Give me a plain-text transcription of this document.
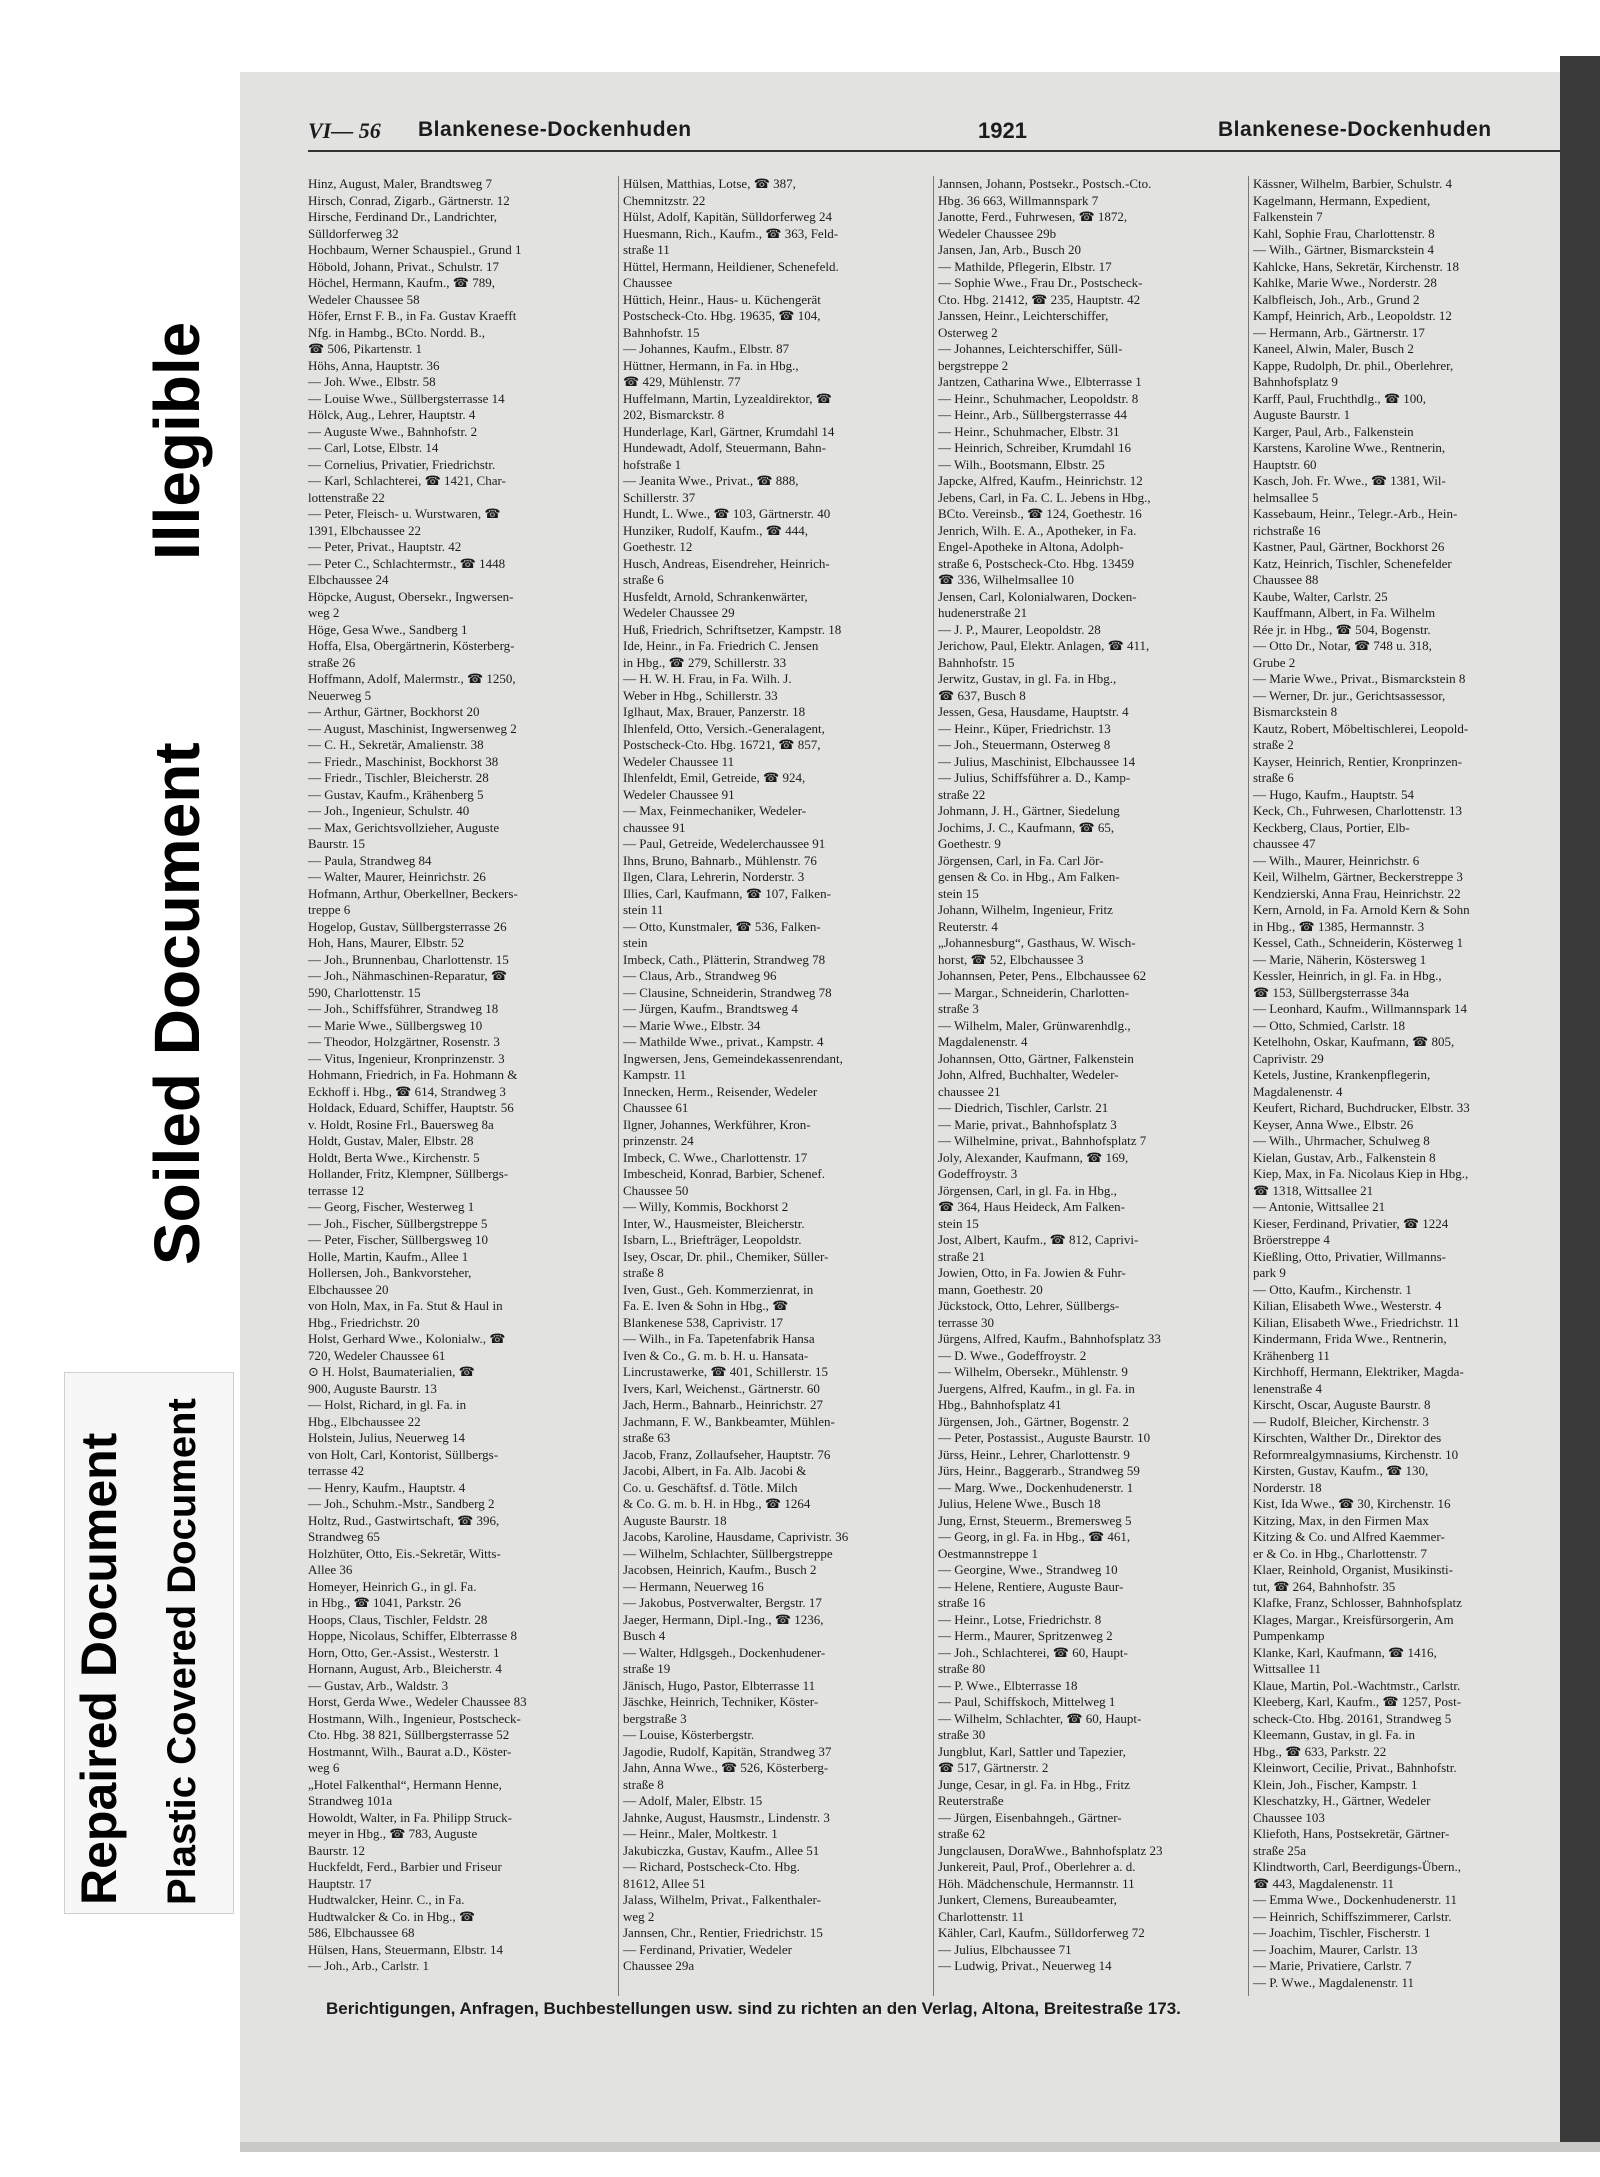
Illegible
Soiled Document
Repaired Document Plastic Covered Document
VI— 56 Blankenese-Dockenhuden	1921	Blankenese-Dockenhuden
Hinz, August, Maler, Brandtsweg 7
Hirsch, Conrad, Zigarb., Gärtnerstr. 12
Hirsche, Ferdinand Dr., Landrichter,
Sülldorferweg 32
Hochbaum, Werner Schauspiel., Grund 1
Höbold, Johann, Privat., Schulstr. 17
Höchel, Hermann, Kaufm., ☎ 789,
Wedeler Chaussee 58
Höfer, Ernst F. B., in Fa. Gustav Kraefft
Nfg. in Hambg., BCto. Nordd. B.,
☎ 506, Pikartenstr. 1
Höhs, Anna, Hauptstr. 36
— Joh. Wwe., Elbstr. 58
— Louise Wwe., Süllbergsterrasse 14
Hölck, Aug., Lehrer, Hauptstr. 4
— Auguste Wwe., Bahnhofstr. 2
— Carl, Lotse, Elbstr. 14
— Cornelius, Privatier, Friedrichstr.
— Karl, Schlachterei, ☎ 1421, Char-
lottenstraße 22
— Peter, Fleisch- u. Wurstwaren, ☎
1391, Elbchaussee 22
— Peter, Privat., Hauptstr. 42
— Peter C., Schlachtermstr., ☎ 1448
Elbchaussee 24
Höpcke, August, Obersekr., Ingwersen-
weg 2
Höge, Gesa Wwe., Sandberg 1
Hoffa, Elsa, Obergärtnerin, Kösterberg-
straße 26
Hoffmann, Adolf, Malermstr., ☎ 1250,
Neuerweg 5
— Arthur, Gärtner, Bockhorst 20
— August, Maschinist, Ingwersenweg 2
— C. H., Sekretär, Amalienstr. 38
— Friedr., Maschinist, Bockhorst 38
— Friedr., Tischler, Bleicherstr. 28
— Gustav, Kaufm., Krähenberg 5
— Joh., Ingenieur, Schulstr. 40
— Max, Gerichtsvollzieher, Auguste
Baurstr. 15
— Paula, Strandweg 84
— Walter, Maurer, Heinrichstr. 26
Hofmann, Arthur, Oberkellner, Beckers-
treppe 6
Hogelop, Gustav, Süllbergsterrasse 26
Hoh, Hans, Maurer, Elbstr. 52
— Joh., Brunnenbau, Charlottenstr. 15
— Joh., Nähmaschinen-Reparatur, ☎
590, Charlottenstr. 15
— Joh., Schiffsführer, Strandweg 18
— Marie Wwe., Süllbergsweg 10
— Theodor, Holzgärtner, Rosenstr. 3
— Vitus, Ingenieur, Kronprinzenstr. 3
Hohmann, Friedrich, in Fa. Hohmann &
Eckhoff i. Hbg., ☎ 614, Strandweg 3
Holdack, Eduard, Schiffer, Hauptstr. 56
v. Holdt, Rosine Frl., Bauersweg 8a
Holdt, Gustav, Maler, Elbstr. 28
Holdt, Berta Wwe., Kirchenstr. 5
Hollander, Fritz, Klempner, Süllbergs-
terrasse 12
— Georg, Fischer, Westerweg 1
— Joh., Fischer, Süllbergstreppe 5
— Peter, Fischer, Süllbergsweg 10
Holle, Martin, Kaufm., Allee 1
Hollersen, Joh., Bankvorsteher,
Elbchaussee 20
von Holn, Max, in Fa. Stut & Haul in
Hbg., Friedrichstr. 20
Holst, Gerhard Wwe., Kolonialw., ☎
720, Wedeler Chaussee 61
⊙ H. Holst, Baumaterialien, ☎
900, Auguste Baurstr. 13
— Holst, Richard, in gl. Fa. in
Hbg., Elbchaussee 22
Holstein, Julius, Neuerweg 14
von Holt, Carl, Kontorist, Süllbergs-
terrasse 42
— Henry, Kaufm., Hauptstr. 4
— Joh., Schuhm.-Mstr., Sandberg 2
Holtz, Rud., Gastwirtschaft, ☎ 396,
Strandweg 65
Holzhüter, Otto, Eis.-Sekretär, Witts-
Allee 36
Homeyer, Heinrich G., in gl. Fa.
in Hbg., ☎ 1041, Parkstr. 26
Hoops, Claus, Tischler, Feldstr. 28
Hoppe, Nicolaus, Schiffer, Elbterrasse 8
Horn, Otto, Ger.-Assist., Westerstr. 1
Hornann, August, Arb., Bleicherstr. 4
— Gustav, Arb., Waldstr. 3
Horst, Gerda Wwe., Wedeler Chaussee 83
Hostmann, Wilh., Ingenieur, Postscheck-
Cto. Hbg. 38 821, Süllbergsterrasse 52
Hostmannt, Wilh., Baurat a.D., Köster-
weg 6
„Hotel Falkenthal“, Hermann Henne,
Strandweg 101a
Howoldt, Walter, in Fa. Philipp Struck-
meyer in Hbg., ☎ 783, Auguste
Baurstr. 12
Huckfeldt, Ferd., Barbier und Friseur
Hauptstr. 17
Hudtwalcker, Heinr. C., in Fa.
Hudtwalcker & Co. in Hbg., ☎
586, Elbchaussee 68
Hülsen, Hans, Steuermann, Elbstr. 14
— Joh., Arb., Carlstr. 1
Hülsen, Matthias, Lotse, ☎ 387,
Chemnitzstr. 22
Hülst, Adolf, Kapitän, Sülldorferweg 24
Huesmann, Rich., Kaufm., ☎ 363, Feld-
straße 11
Hüttel, Hermann, Heildiener, Schenefeld.
Chaussee
Hüttich, Heinr., Haus- u. Küchengerät
Postscheck-Cto. Hbg. 19635, ☎ 104,
Bahnhofstr. 15
— Johannes, Kaufm., Elbstr. 87
Hüttner, Hermann, in Fa. in Hbg.,
☎ 429, Mühlenstr. 77
Huffelmann, Martin, Lyzealdirektor, ☎
202, Bismarckstr. 8
Hunderlage, Karl, Gärtner, Krumdahl 14
Hundewadt, Adolf, Steuermann, Bahn-
hofstraße 1
— Jeanita Wwe., Privat., ☎ 888,
Schillerstr. 37
Hundt, L. Wwe., ☎ 103, Gärtnerstr. 40
Hunziker, Rudolf, Kaufm., ☎ 444,
Goethestr. 12
Husch, Andreas, Eisendreher, Heinrich-
straße 6
Husfeldt, Arnold, Schrankenwärter,
Wedeler Chaussee 29
Huß, Friedrich, Schriftsetzer, Kampstr. 18
Ide, Heinr., in Fa. Friedrich C. Jensen
in Hbg., ☎ 279, Schillerstr. 33
— H. W. H. Frau, in Fa. Wilh. J.
Weber in Hbg., Schillerstr. 33
Iglhaut, Max, Brauer, Panzerstr. 18
Ihlenfeld, Otto, Versich.-Generalagent,
Postscheck-Cto. Hbg. 16721, ☎ 857,
Wedeler Chaussee 11
Ihlenfeldt, Emil, Getreide, ☎ 924,
Wedeler Chaussee 91
— Max, Feinmechaniker, Wedeler-
chaussee 91
— Paul, Getreide, Wedelerchaussee 91
Ihns, Bruno, Bahnarb., Mühlenstr. 76
Ilgen, Clara, Lehrerin, Norderstr. 3
Illies, Carl, Kaufmann, ☎ 107, Falken-
stein 11
— Otto, Kunstmaler, ☎ 536, Falken-
stein
Imbeck, Cath., Plätterin, Strandweg 78
— Claus, Arb., Strandweg 96
— Clausine, Schneiderin, Strandweg 78
— Jürgen, Kaufm., Brandtsweg 4
— Marie Wwe., Elbstr. 34
— Mathilde Wwe., privat., Kampstr. 4
Ingwersen, Jens, Gemeindekassenrendant,
Kampstr. 11
Innecken, Herm., Reisender, Wedeler
Chaussee 61
Ilgner, Johannes, Werkführer, Kron-
prinzenstr. 24
Imbeck, C. Wwe., Charlottenstr. 17
Imbescheid, Konrad, Barbier, Schenef.
Chaussee 50
— Willy, Kommis, Bockhorst 2
Inter, W., Hausmeister, Bleicherstr.
Isbarn, L., Briefträger, Leopoldstr.
Isey, Oscar, Dr. phil., Chemiker, Süller-
straße 8
Iven, Gust., Geh. Kommerzienrat, in
Fa. E. Iven & Sohn in Hbg., ☎
Blankenese 538, Caprivistr. 17
— Wilh., in Fa. Tapetenfabrik Hansa
Iven & Co., G. m. b. H. u. Hansata-
Lincrustawerke, ☎ 401, Schillerstr. 15
Ivers, Karl, Weichenst., Gärtnerstr. 60
Jach, Herm., Bahnarb., Heinrichstr. 27
Jachmann, F. W., Bankbeamter, Mühlen-
straße 63
Jacob, Franz, Zollaufseher, Hauptstr. 76
Jacobi, Albert, in Fa. Alb. Jacobi &
Co. u. Geschäftsf. d. Tötle. Milch
& Co. G. m. b. H. in Hbg., ☎ 1264
Auguste Baurstr. 18
Jacobs, Karoline, Hausdame, Caprivistr. 36
— Wilhelm, Schlachter, Süllbergstreppe
Jacobsen, Heinrich, Kaufm., Busch 2
— Hermann, Neuerweg 16
— Jakobus, Postverwalter, Bergstr. 17
Jaeger, Hermann, Dipl.-Ing., ☎ 1236,
Busch 4
— Walter, Hdlgsgeh., Dockenhudener-
straße 19
Jänisch, Hugo, Pastor, Elbterrasse 11
Jäschke, Heinrich, Techniker, Köster-
bergstraße 3
— Louise, Kösterbergstr.
Jagodie, Rudolf, Kapitän, Strandweg 37
Jahn, Anna Wwe., ☎ 526, Kösterberg-
straße 8
— Adolf, Maler, Elbstr. 15
Jahnke, August, Hausmstr., Lindenstr. 3
— Heinr., Maler, Moltkestr. 1
Jakubiczka, Gustav, Kaufm., Allee 51
— Richard, Postscheck-Cto. Hbg.
81612, Allee 51
Jalass, Wilhelm, Privat., Falkenthaler-
weg 2
Jannsen, Chr., Rentier, Friedrichstr. 15
— Ferdinand, Privatier, Wedeler
Chaussee 29a
Jannsen, Johann, Postsekr., Postsch.-Cto.
Hbg. 36 663, Willmannspark 7
Janotte, Ferd., Fuhrwesen, ☎ 1872,
Wedeler Chaussee 29b
Jansen, Jan, Arb., Busch 20
— Mathilde, Pflegerin, Elbstr. 17
— Sophie Wwe., Frau Dr., Postscheck-
Cto. Hbg. 21412, ☎ 235, Hauptstr. 42
Janssen, Heinr., Leichterschiffer,
Osterweg 2
— Johannes, Leichterschiffer, Süll-
bergstreppe 2
Jantzen, Catharina Wwe., Elbterrasse 1
— Heinr., Schuhmacher, Leopoldstr. 8
— Heinr., Arb., Süllbergsterrasse 44
— Heinr., Schuhmacher, Elbstr. 31
— Heinrich, Schreiber, Krumdahl 16
— Wilh., Bootsmann, Elbstr. 25
Japcke, Alfred, Kaufm., Heinrichstr. 12
Jebens, Carl, in Fa. C. L. Jebens in Hbg.,
BCto. Vereinsb., ☎ 124, Goethestr. 16
Jenrich, Wilh. E. A., Apotheker, in Fa.
Engel-Apotheke in Altona, Adolph-
straße 6, Postscheck-Cto. Hbg. 13459
☎ 336, Wilhelmsallee 10
Jensen, Carl, Kolonialwaren, Docken-
hudenerstraße 21
— J. P., Maurer, Leopoldstr. 28
Jerichow, Paul, Elektr. Anlagen, ☎ 411,
Bahnhofstr. 15
Jerwitz, Gustav, in gl. Fa. in Hbg.,
☎ 637, Busch 8
Jessen, Gesa, Hausdame, Hauptstr. 4
— Heinr., Küper, Friedrichstr. 13
— Joh., Steuermann, Osterweg 8
— Julius, Maschinist, Elbchaussee 14
— Julius, Schiffsführer a. D., Kamp-
straße 22
Johmann, J. H., Gärtner, Siedelung
Jochims, J. C., Kaufmann, ☎ 65,
Goethestr. 9
Jörgensen, Carl, in Fa. Carl Jör-
gensen & Co. in Hbg., Am Falken-
stein 15
Johann, Wilhelm, Ingenieur, Fritz
Reuterstr. 4
„Johannesburg“, Gasthaus, W. Wisch-
horst, ☎ 52, Elbchaussee 3
Johannsen, Peter, Pens., Elbchaussee 62
— Margar., Schneiderin, Charlotten-
straße 3
— Wilhelm, Maler, Grünwarenhdlg.,
Magdalenenstr. 4
Johannsen, Otto, Gärtner, Falkenstein
John, Alfred, Buchhalter, Wedeler-
chaussee 21
— Diedrich, Tischler, Carlstr. 21
— Marie, privat., Bahnhofsplatz 3
— Wilhelmine, privat., Bahnhofsplatz 7
Joly, Alexander, Kaufmann, ☎ 169,
Godeffroystr. 3
Jörgensen, Carl, in gl. Fa. in Hbg.,
☎ 364, Haus Heideck, Am Falken-
stein 15
Jost, Albert, Kaufm., ☎ 812, Caprivi-
straße 21
Jowien, Otto, in Fa. Jowien & Fuhr-
mann, Goethestr. 20
Jückstock, Otto, Lehrer, Süllbergs-
terrasse 30
Jürgens, Alfred, Kaufm., Bahnhofsplatz 33
— D. Wwe., Godeffroystr. 2
— Wilhelm, Obersekr., Mühlenstr. 9
Juergens, Alfred, Kaufm., in gl. Fa. in
Hbg., Bahnhofsplatz 41
Jürgensen, Joh., Gärtner, Bogenstr. 2
— Peter, Postassist., Auguste Baurstr. 10
Jürss, Heinr., Lehrer, Charlottenstr. 9
Jürs, Heinr., Baggerarb., Strandweg 59
— Marg. Wwe., Dockenhudenerstr. 1
Julius, Helene Wwe., Busch 18
Jung, Ernst, Steuerm., Bremersweg 5
— Georg, in gl. Fa. in Hbg., ☎ 461,
Oestmannstreppe 1
— Georgine, Wwe., Strandweg 10
— Helene, Rentiere, Auguste Baur-
straße 16
— Heinr., Lotse, Friedrichstr. 8
— Herm., Maurer, Spritzenweg 2
— Joh., Schlachterei, ☎ 60, Haupt-
straße 80
— P. Wwe., Elbterrasse 18
— Paul, Schiffskoch, Mittelweg 1
— Wilhelm, Schlachter, ☎ 60, Haupt-
straße 30
Jungblut, Karl, Sattler und Tapezier,
☎ 517, Gärtnerstr. 2
Junge, Cesar, in gl. Fa. in Hbg., Fritz
Reuterstraße
— Jürgen, Eisenbahngeh., Gärtner-
straße 62
Jungclausen, DoraWwe., Bahnhofsplatz 23
Junkereit, Paul, Prof., Oberlehrer a. d.
Höh. Mädchenschule, Hermannstr. 11
Junkert, Clemens, Bureaubeamter,
Charlottenstr. 11
Kähler, Carl, Kaufm., Sülldorferweg 72
— Julius, Elbchaussee 71
— Ludwig, Privat., Neuerweg 14
Kässner, Wilhelm, Barbier, Schulstr. 4
Kagelmann, Hermann, Expedient,
Falkenstein 7
Kahl, Sophie Frau, Charlottenstr. 8
— Wilh., Gärtner, Bismarckstein 4
Kahlcke, Hans, Sekretär, Kirchenstr. 18
Kahlke, Marie Wwe., Norderstr. 28
Kalbfleisch, Joh., Arb., Grund 2
Kampf, Heinrich, Arb., Leopoldstr. 12
— Hermann, Arb., Gärtnerstr. 17
Kaneel, Alwin, Maler, Busch 2
Kappe, Rudolph, Dr. phil., Oberlehrer,
Bahnhofsplatz 9
Karff, Paul, Fruchthdlg., ☎ 100,
Auguste Baurstr. 1
Karger, Paul, Arb., Falkenstein
Karstens, Karoline Wwe., Rentnerin,
Hauptstr. 60
Kasch, Joh. Fr. Wwe., ☎ 1381, Wil-
helmsallee 5
Kassebaum, Heinr., Telegr.-Arb., Hein-
richstraße 16
Kastner, Paul, Gärtner, Bockhorst 26
Katz, Heinrich, Tischler, Schenefelder
Chaussee 88
Kaube, Walter, Carlstr. 25
Kauffmann, Albert, in Fa. Wilhelm
Rée jr. in Hbg., ☎ 504, Bogenstr.
— Otto Dr., Notar, ☎ 748 u. 318,
Grube 2
— Marie Wwe., Privat., Bismarckstein 8
— Werner, Dr. jur., Gerichtsassessor,
Bismarckstein 8
Kautz, Robert, Möbeltischlerei, Leopold-
straße 2
Kayser, Heinrich, Rentier, Kronprinzen-
straße 6
— Hugo, Kaufm., Hauptstr. 54
Keck, Ch., Fuhrwesen, Charlottenstr. 13
Keckberg, Claus, Portier, Elb-
chaussee 47
— Wilh., Maurer, Heinrichstr. 6
Keil, Wilhelm, Gärtner, Beckerstreppe 3
Kendzierski, Anna Frau, Heinrichstr. 22
Kern, Arnold, in Fa. Arnold Kern & Sohn
in Hbg., ☎ 1385, Hermannstr. 3
Kessel, Cath., Schneiderin, Kösterweg 1
— Marie, Näherin, Köstersweg 1
Kessler, Heinrich, in gl. Fa. in Hbg.,
☎ 153, Süllbergsterrasse 34a
— Leonhard, Kaufm., Willmannspark 14
— Otto, Schmied, Carlstr. 18
Ketelhohn, Oskar, Kaufmann, ☎ 805,
Caprivistr. 29
Ketels, Justine, Krankenpflegerin,
Magdalenenstr. 4
Keufert, Richard, Buchdrucker, Elbstr. 33
Keyser, Anna Wwe., Elbstr. 26
— Wilh., Uhrmacher, Schulweg 8
Kielan, Gustav, Arb., Falkenstein 8
Kiep, Max, in Fa. Nicolaus Kiep in Hbg.,
☎ 1318, Wittsallee 21
— Antonie, Wittsallee 21
Kieser, Ferdinand, Privatier, ☎ 1224
Bröerstreppe 4
Kießling, Otto, Privatier, Willmanns-
park 9
— Otto, Kaufm., Kirchenstr. 1
Kilian, Elisabeth Wwe., Westerstr. 4
Kilian, Elisabeth Wwe., Friedrichstr. 11
Kindermann, Frida Wwe., Rentnerin,
Krähenberg 11
Kirchhoff, Hermann, Elektriker, Magda-
lenenstraße 4
Kirscht, Oscar, Auguste Baurstr. 8
— Rudolf, Bleicher, Kirchenstr. 3
Kirschten, Walther Dr., Direktor des
Reformrealgymnasiums, Kirchenstr. 10
Kirsten, Gustav, Kaufm., ☎ 130,
Norderstr. 18
Kist, Ida Wwe., ☎ 30, Kirchenstr. 16
Kitzing, Max, in den Firmen Max
Kitzing & Co. und Alfred Kaemmer-
er & Co. in Hbg., Charlottenstr. 7
Klaer, Reinhold, Organist, Musikinsti-
tut, ☎ 264, Bahnhofstr. 35
Klafke, Franz, Schlosser, Bahnhofsplatz
Klages, Margar., Kreisfürsorgerin, Am
Pumpenkamp
Klanke, Karl, Kaufmann, ☎ 1416,
Wittsallee 11
Klaue, Martin, Pol.-Wachtmstr., Carlstr.
Kleeberg, Karl, Kaufm., ☎ 1257, Post-
scheck-Cto. Hbg. 20161, Strandweg 5
Kleemann, Gustav, in gl. Fa. in
Hbg., ☎ 633, Parkstr. 22
Kleinwort, Cecilie, Privat., Bahnhofstr.
Klein, Joh., Fischer, Kampstr. 1
Kleschatzky, H., Gärtner, Wedeler
Chaussee 103
Kliefoth, Hans, Postsekretär, Gärtner-
straße 25a
Klindtworth, Carl, Beerdigungs-Übern.,
☎ 443, Magdalenenstr. 11
— Emma Wwe., Dockenhudenerstr. 11
— Heinrich, Schiffszimmerer, Carlstr.
— Joachim, Tischler, Fischerstr. 1
— Joachim, Maurer, Carlstr. 13
— Marie, Privatiere, Carlstr. 7
— P. Wwe., Magdalenenstr. 11
Berichtigungen, Anfragen, Buchbestellungen usw. sind zu richten an den Verlag, Altona, Breitestraße 173.
